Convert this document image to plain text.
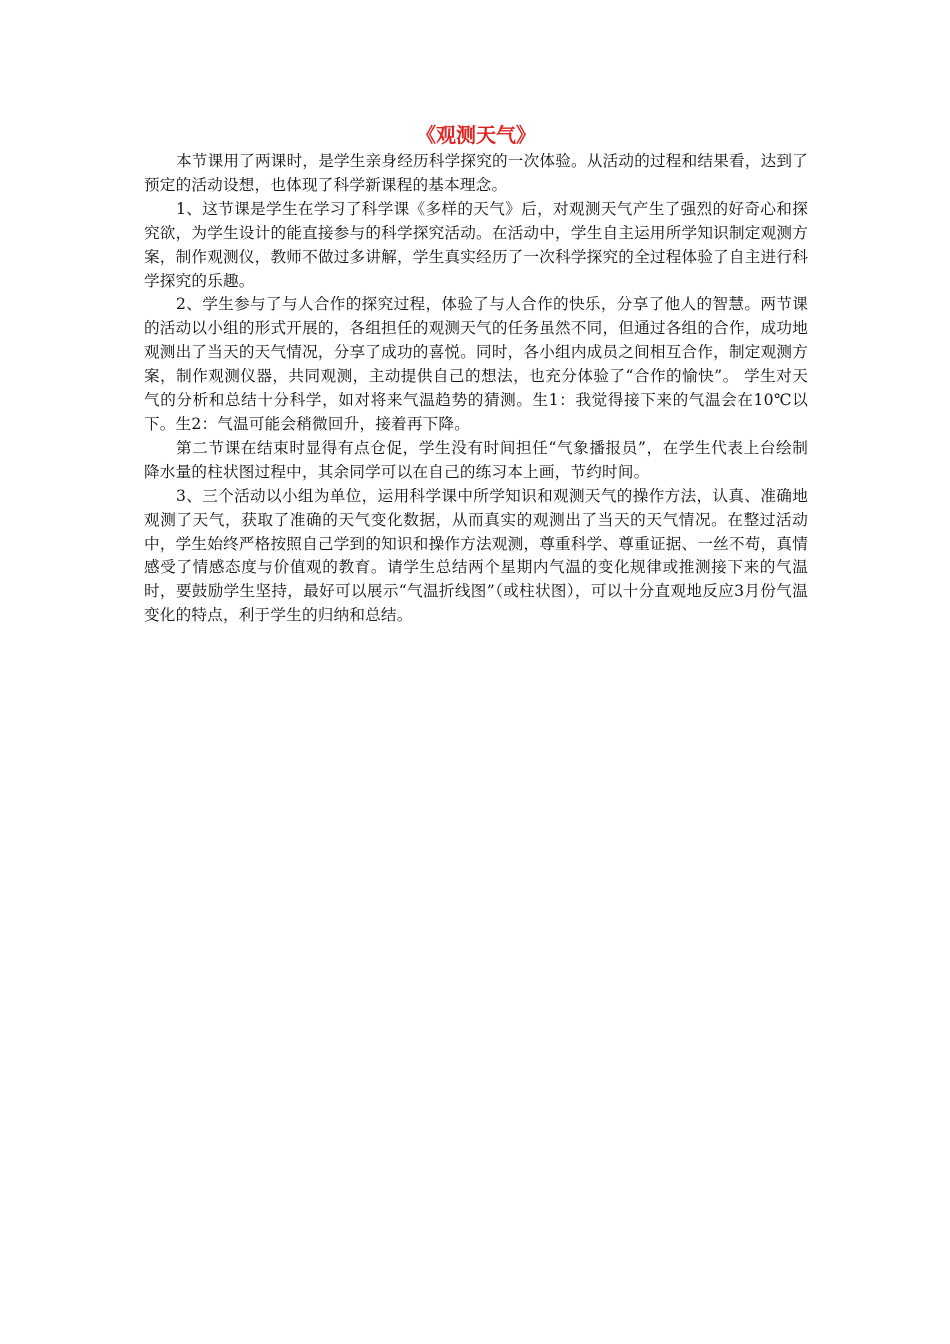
《观测天气》

本节课用了两课时，是学生亲身经历科学探究的一次体验。从活动的过程和结果看，达到了预定的活动设想，也体现了科学新课程的基本理念。

1、这节课是学生在学习了科学课《多样的天气》后，对观测天气产生了强烈的好奇心和探究欲，为学生设计的能直接参与的科学探究活动。在活动中，学生自主运用所学知识制定观测方案，制作观测仪，教师不做过多讲解，学生真实经历了一次科学探究的全过程体验了自主进行科学探究的乐趣。

2、学生参与了与人合作的探究过程，体验了与人合作的快乐，分享了他人的智慧。两节课的活动以小组的形式开展的，各组担任的观测天气的任务虽然不同，但通过各组的合作，成功地观测出了当天的天气情况，分享了成功的喜悦。同时，各小组内成员之间相互合作，制定观测方案，制作观测仪器，共同观测，主动提供自己的想法，也充分体验了“合作的愉快”。 学生对天气的分析和总结十分科学，如对将来气温趋势的猜测。生1：我觉得接下来的气温会在10℃以下。生2：气温可能会稍微回升，接着再下降。

第二节课在结束时显得有点仓促，学生没有时间担任“气象播报员”，在学生代表上台绘制降水量的柱状图过程中，其余同学可以在自己的练习本上画，节约时间。

3、三个活动以小组为单位，运用科学课中所学知识和观测天气的操作方法，认真、准确地观测了天气，获取了准确的天气变化数据，从而真实的观测出了当天的天气情况。在整过活动中，学生始终严格按照自己学到的知识和操作方法观测，尊重科学、尊重证据、一丝不苟，真情感受了情感态度与价值观的教育。请学生总结两个星期内气温的变化规律或推测接下来的气温时，要鼓励学生坚持，最好可以展示“气温折线图”（或柱状图），可以十分直观地反应3月份气温变化的特点，利于学生的归纳和总结。
